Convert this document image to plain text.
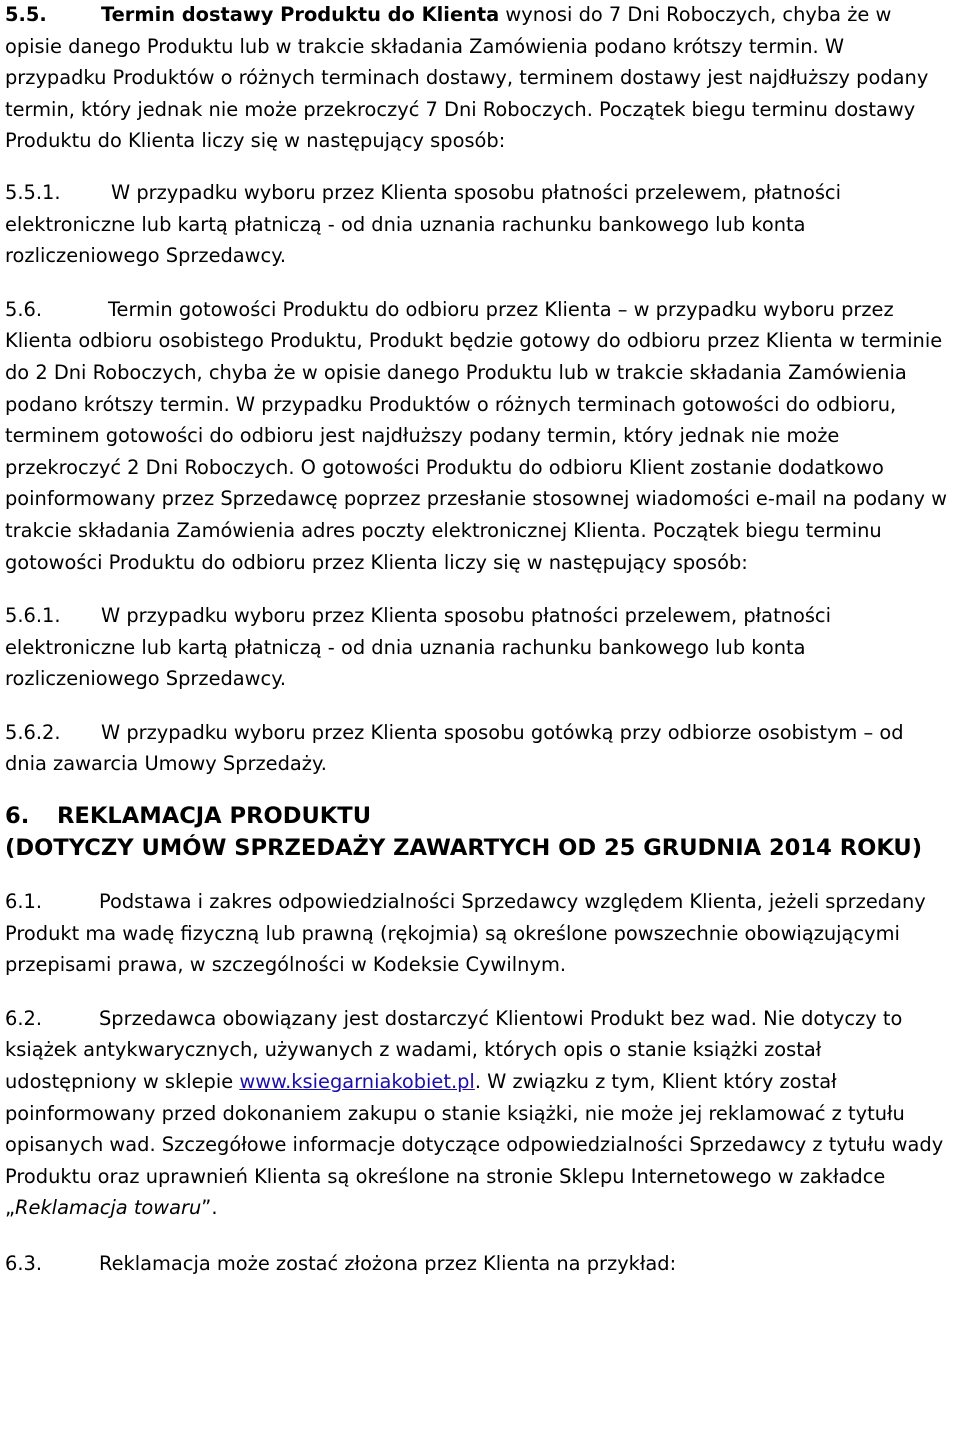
5.5.	Termin dostawy Produktu do Klienta wynosi do 7 Dni Roboczych, chyba że w opisie danego Produktu lub w trakcie składania Zamówienia podano krótszy termin. W przypadku Produktów o różnych terminach dostawy, terminem dostawy jest najdłuższy podany termin, który jednak nie może przekroczyć 7 Dni Roboczych. Początek biegu terminu dostawy Produktu do Klienta liczy się w następujący sposób:

5.5.1.	W przypadku wyboru przez Klienta sposobu płatności przelewem, płatności elektroniczne lub kartą płatniczą - od dnia uznania rachunku bankowego lub konta rozliczeniowego Sprzedawcy.

5.6.	Termin gotowości Produktu do odbioru przez Klienta – w przypadku wyboru przez Klienta odbioru osobistego Produktu, Produkt będzie gotowy do odbioru przez Klienta w terminie do 2 Dni Roboczych, chyba że w opisie danego Produktu lub w trakcie składania Zamówienia podano krótszy termin. W przypadku Produktów o różnych terminach gotowości do odbioru, terminem gotowości do odbioru jest najdłuższy podany termin, który jednak nie może przekroczyć 2 Dni Roboczych. O gotowości Produktu do odbioru Klient zostanie dodatkowo poinformowany przez Sprzedawcę poprzez przesłanie stosownej wiadomości e-mail na podany w trakcie składania Zamówienia adres poczty elektronicznej Klienta. Początek biegu terminu gotowości Produktu do odbioru przez Klienta liczy się w następujący sposób:

5.6.1. W przypadku wyboru przez Klienta sposobu płatności przelewem, płatności elektroniczne lub kartą płatniczą - od dnia uznania rachunku bankowego lub konta rozliczeniowego Sprzedawcy.

5.6.2. W przypadku wyboru przez Klienta sposobu gotówką przy odbiorze osobistym – od dnia zawarcia Umowy Sprzedaży.

6. REKLAMACJA PRODUKTU
(DOTYCZY UMÓW SPRZEDAŻY ZAWARTYCH OD 25 GRUDNIA 2014 ROKU)

6.1.	Podstawa i zakres odpowiedzialności Sprzedawcy względem Klienta, jeżeli sprzedany Produkt ma wadę fizyczną lub prawną (rękojmia) są określone powszechnie obowiązującymi przepisami prawa, w szczególności w Kodeksie Cywilnym.

6.2.	Sprzedawca obowiązany jest dostarczyć Klientowi Produkt bez wad. Nie dotyczy to książek antykwarycznych, używanych z wadami, których opis o stanie książki został udostępniony w sklepie www.ksiegarniakobiet.pl. W związku z tym, Klient który został poinformowany przed dokonaniem zakupu o stanie książki, nie może jej reklamować z tytułu opisanych wad. Szczegółowe informacje dotyczące odpowiedzialności Sprzedawcy z tytułu wady Produktu oraz uprawnień Klienta są określone na stronie Sklepu Internetowego w zakładce „Reklamacja towaru”.

6.3.	Reklamacja może zostać złożona przez Klienta na przykład:
